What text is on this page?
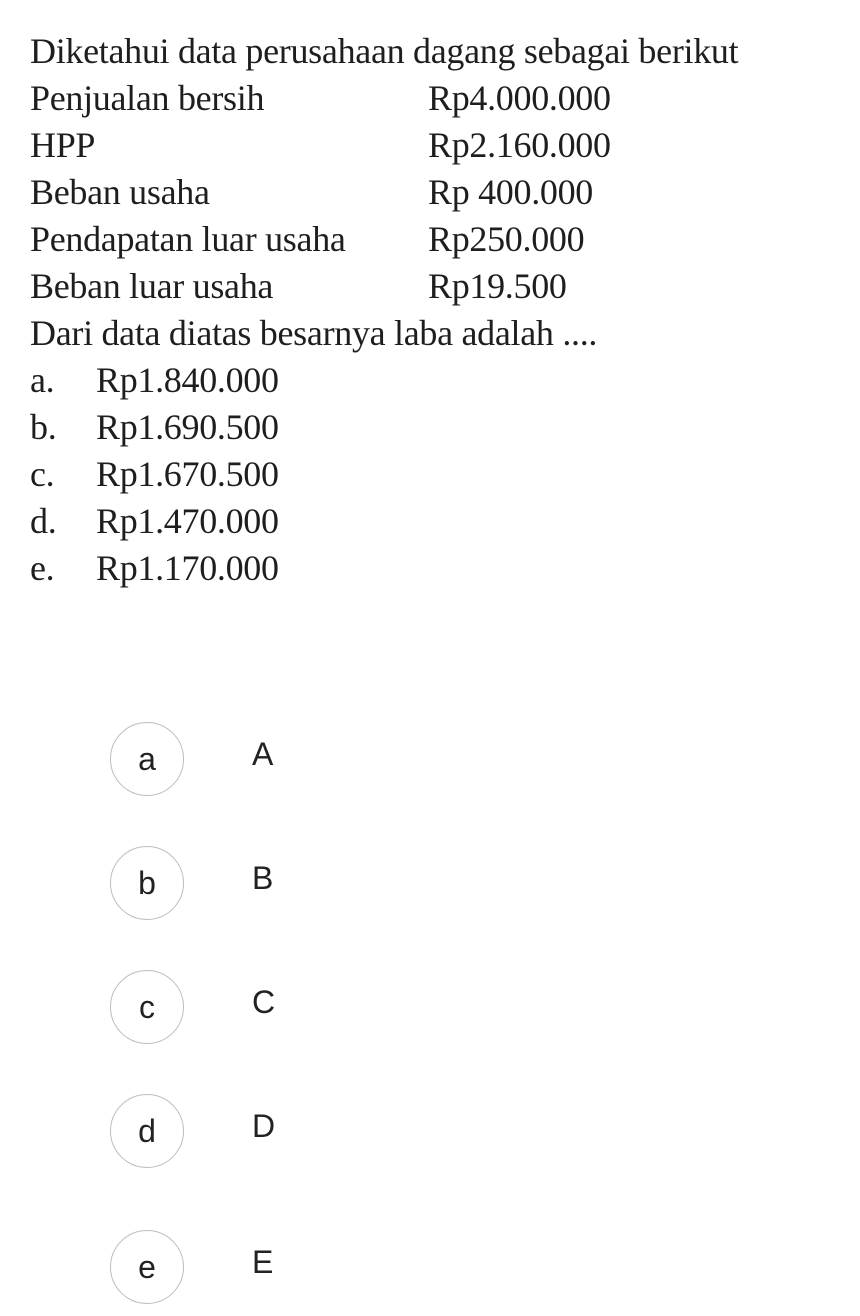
Diketahui data perusahaan dagang sebagai berikut
Penjualan bersih	Rp4.000.000
HPP	Rp2.160.000
Beban usaha	Rp 400.000
Pendapatan luar usaha	Rp250.000
Beban luar usaha	Rp19.500
Dari data diatas besarnya laba adalah ....
a.	Rp1.840.000
b.	Rp1.690.500
c.	Rp1.670.500
d.	Rp1.470.000
e.	Rp1.170.000
a	A
b	B
c	C
d	D
e	E
